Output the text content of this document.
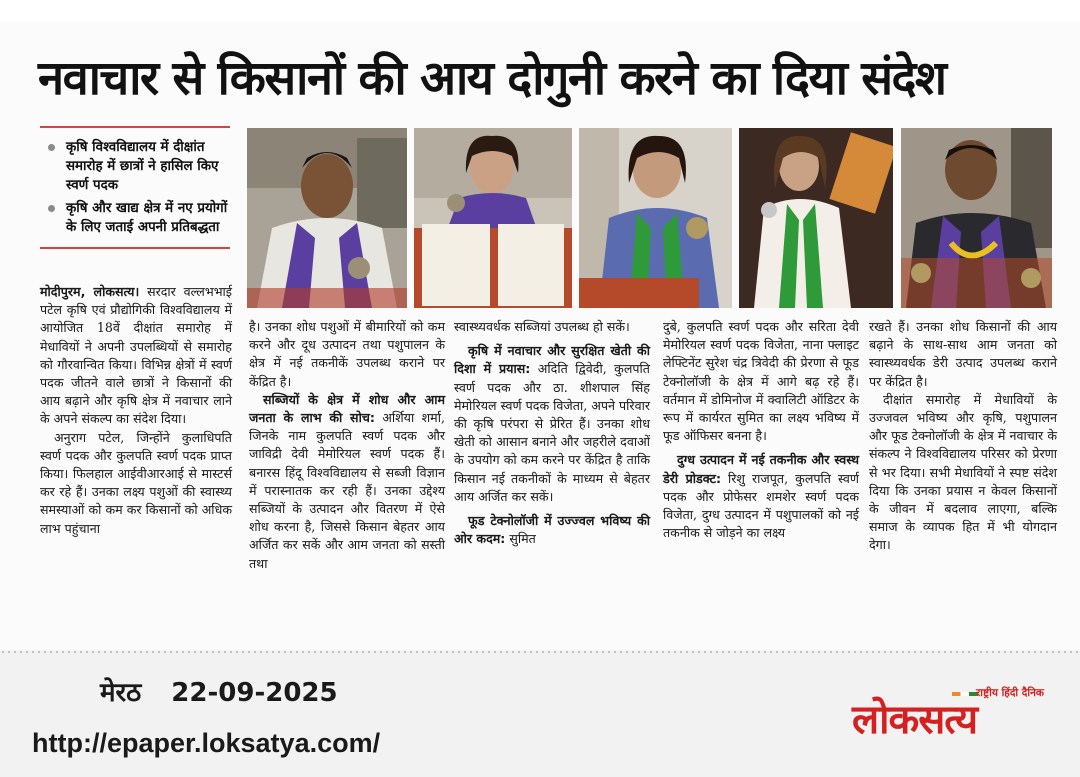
नवाचार से किसानों की आय दोगुनी करने का दिया संदेश
कृषि विश्वविद्यालय में दीक्षांत समारोह में छात्रों ने हासिल किए स्वर्ण पदक
कृषि और खाद्य क्षेत्र में नए प्रयोगों के लिए जताई अपनी प्रतिबद्धता

मोदीपुरम, लोकसत्य। सरदार वल्लभभाई पटेल कृषि एवं प्रौद्योगिकी विश्वविद्यालय में आयोजित 18वें दीक्षांत समारोह में मेधावियों ने अपनी उपलब्धियों से समारोह को गौरवान्वित किया। विभिन्न क्षेत्रों में स्वर्ण पदक जीतने वाले छात्रों ने किसानों की आय बढ़ाने और कृषि क्षेत्र में नवाचार लाने के अपने संकल्प का संदेश दिया।

अनुराग पटेल, जिन्होंने कुलाधिपति स्वर्ण पदक और कुलपति स्वर्ण पदक प्राप्त किया। फिलहाल आईवीआरआई से मास्टर्स कर रहे हैं। उनका लक्ष्य पशुओं की स्वास्थ्य समस्याओं को कम कर किसानों को अधिक लाभ पहुंचाना

है। उनका शोध पशुओं में बीमारियों को कम करने और दूध उत्पादन तथा पशुपालन के क्षेत्र में नई तकनीकें उपलब्ध कराने पर केंद्रित है।

सब्जियों के क्षेत्र में शोध और आम जनता के लाभ की सोच: अर्शिया शर्मा, जिनके नाम कुलपति स्वर्ण पदक और जाविद्री देवी मेमोरियल स्वर्ण पदक हैं। बनारस हिंदू विश्वविद्यालय से सब्जी विज्ञान में परास्नातक कर रही हैं। उनका उद्देश्य सब्जियों के उत्पादन और वितरण में ऐसे शोध करना है, जिससे किसान बेहतर आय अर्जित कर सकें और आम जनता को सस्ती तथा

स्वास्थ्यवर्धक सब्जियां उपलब्ध हो सकें।

कृषि में नवाचार और सुरक्षित खेती की दिशा में प्रयास: अदिति द्विवेदी, कुलपति स्वर्ण पदक और ठा. शीशपाल सिंह मेमोरियल स्वर्ण पदक विजेता, अपने परिवार की कृषि परंपरा से प्रेरित हैं। उनका शोध खेती को आसान बनाने और जहरीले दवाओं के उपयोग को कम करने पर केंद्रित है ताकि किसान नई तकनीकों के माध्यम से बेहतर आय अर्जित कर सकें।

फूड टेक्नोलॉजी में उज्ज्वल भविष्य की ओर कदम: सुमित

दुबे, कुलपति स्वर्ण पदक और सरिता देवी मेमोरियल स्वर्ण पदक विजेता, नाना फ्लाइट लेफ्टिनेंट सुरेश चंद्र त्रिवेदी की प्रेरणा से फूड टेक्नोलॉजी के क्षेत्र में आगे बढ़ रहे हैं। वर्तमान में डोमिनोज में क्वालिटी ऑडिटर के रूप में कार्यरत सुमित का लक्ष्य भविष्य में फूड ऑफिसर बनना है।

दुग्ध उत्पादन में नई तकनीक और स्वस्थ डेरी प्रोडक्ट: रिशु राजपूत, कुलपति स्वर्ण पदक और प्रोफेसर शमशेर स्वर्ण पदक विजेता, दुग्ध उत्पादन में पशुपालकों को नई तकनीक से जोड़ने का लक्ष्य

रखते हैं। उनका शोध किसानों की आय बढ़ाने के साथ-साथ आम जनता को स्वास्थ्यवर्धक डेरी उत्पाद उपलब्ध कराने पर केंद्रित है।

दीक्षांत समारोह में मेधावियों के उज्जवल भविष्य और कृषि, पशुपालन और फूड टेक्नोलॉजी के क्षेत्र में नवाचार के संकल्प ने विश्वविद्यालय परिसर को प्रेरणा से भर दिया। सभी मेधावियों ने स्पष्ट संदेश दिया कि उनका प्रयास न केवल किसानों के जीवन में बदलाव लाएगा, बल्कि समाज के व्यापक हित में भी योगदान देगा।

मेरठ 22-09-2025
http://epaper.loksatya.com/
राष्ट्रीय हिंदी दैनिक
लोकसत्य
